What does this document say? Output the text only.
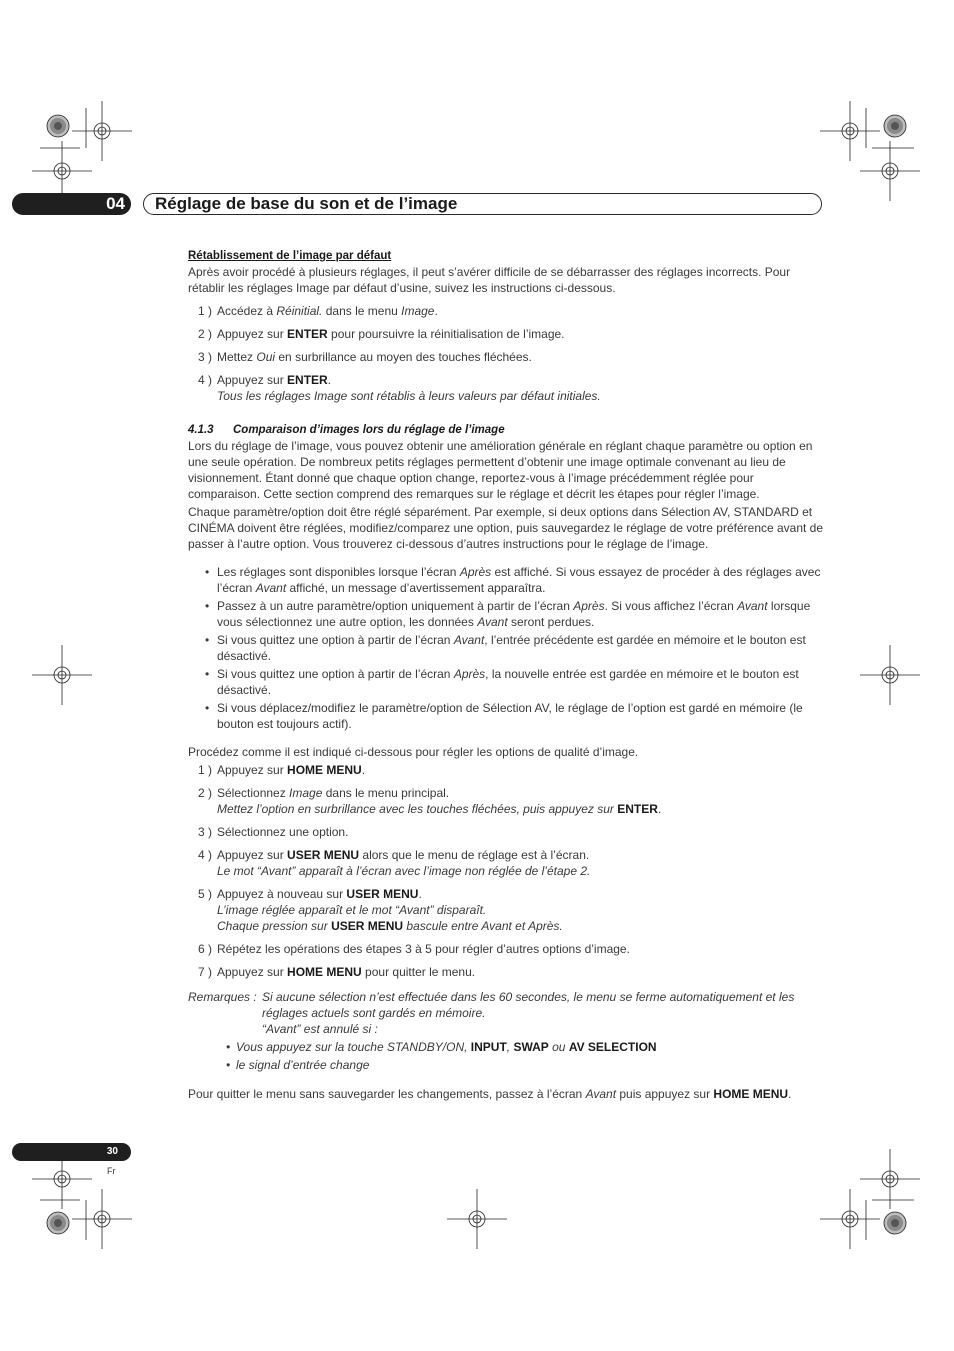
04	Réglage de base du son et de l’image
Rétablissement de l’image par défaut

Après avoir procédé à plusieurs réglages, il peut s’avérer difficile de se débarrasser des réglages incorrects. Pour rétablir les réglages Image par défaut d’usine, suivez les instructions ci-dessous.

1 ) Accédez à Réinitial. dans le menu Image.
2 ) Appuyez sur ENTER pour poursuivre la réinitialisation de l’image.
3 ) Mettez Oui en surbrillance au moyen des touches fléchées.
4 ) Appuyez sur ENTER.
Tous les réglages Image sont rétablis à leurs valeurs par défaut initiales.
4.1.3 Comparaison d’images lors du réglage de l’image

Lors du réglage de l’image, vous pouvez obtenir une amélioration générale en réglant chaque paramètre ou option en une seule opération. De nombreux petits réglages permettent d’obtenir une image optimale convenant au lieu de visionnement. Étant donné que chaque option change, reportez-vous à l’image précédemment réglée pour comparaison. Cette section comprend des remarques sur le réglage et décrit les étapes pour régler l’image.

Chaque paramètre/option doit être réglé séparément. Par exemple, si deux options dans Sélection AV, STANDARD et CINÉMA doivent être réglées, modifiez/comparez une option, puis sauvegardez le réglage de votre préférence avant de passer à l’autre option. Vous trouverez ci-dessous d’autres instructions pour le réglage de l’image.

• Les réglages sont disponibles lorsque l’écran Après est affiché. Si vous essayez de procéder à des réglages avec l’écran Avant affiché, un message d’avertissement apparaîtra.
• Passez à un autre paramètre/option uniquement à partir de l’écran Après. Si vous affichez l’écran Avant lorsque vous sélectionnez une autre option, les données Avant seront perdues.
• Si vous quittez une option à partir de l’écran Avant, l’entrée précédente est gardée en mémoire et le bouton est désactivé.
• Si vous quittez une option à partir de l’écran Après, la nouvelle entrée est gardée en mémoire et le bouton est désactivé.
• Si vous déplacez/modifiez le paramètre/option de Sélection AV, le réglage de l’option est gardé en mémoire (le bouton est toujours actif).

Procédez comme il est indiqué ci-dessous pour régler les options de qualité d’image.

1 ) Appuyez sur HOME MENU.
2 ) Sélectionnez Image dans le menu principal.
Mettez l’option en surbrillance avec les touches fléchées, puis appuyez sur ENTER.
3 ) Sélectionnez une option.
4 ) Appuyez sur USER MENU alors que le menu de réglage est à l’écran.
Le mot “Avant” apparaît à l’écran avec l’image non réglée de l’étape 2.
5 ) Appuyez à nouveau sur USER MENU.
L’image réglée apparaît et le mot “Avant” disparaît.
Chaque pression sur USER MENU bascule entre Avant et Après.
6 ) Répétez les opérations des étapes 3 à 5 pour régler d’autres options d’image.
7 ) Appuyez sur HOME MENU pour quitter le menu.
Remarques : Si aucune sélection n’est effectuée dans les 60 secondes, le menu se ferme automatiquement et les réglages actuels sont gardés en mémoire.
“Avant” est annulé si :
• Vous appuyez sur la touche STANDBY/ON, INPUT, SWAP ou AV SELECTION
• le signal d’entrée change

Pour quitter le menu sans sauvegarder les changements, passez à l’écran Avant puis appuyez sur HOME MENU.

30
Fr
